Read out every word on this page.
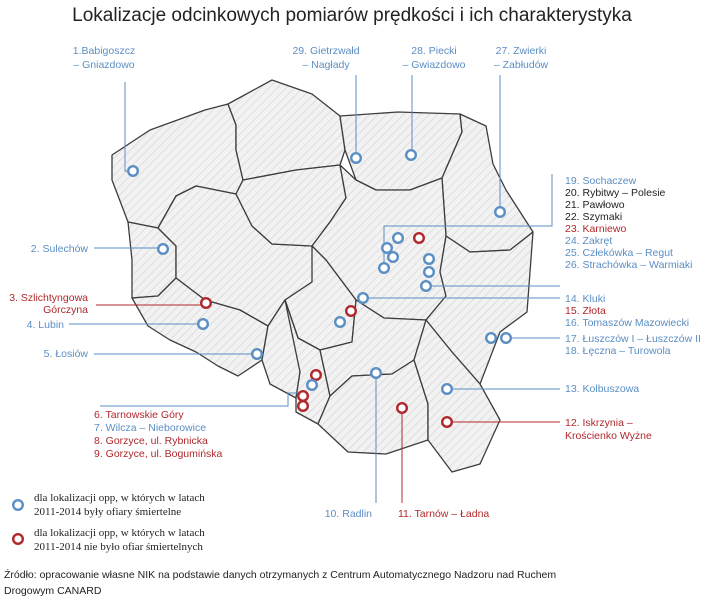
Lokalizacje odcinkowych pomiarów prędkości i ich charakterystyka
1.Babigoszcz
– Gniazdowo
29. Gietrzwałd
– Nagłady
28. Piecki
– Gwiazdowo
27. Zwierki
– Zabłudów
2. Sulechów
3. Szlichtyngowa
Górczyna
4. Lubin
5. Łosiów
6. Tarnowskie Góry
7. Wilcza – Nieborowice
8. Gorzyce, ul. Rybnicka
9. Gorzyce, ul. Bogumińska
10. Radlin 11. Tarnów – Ładna
12. Iskrzynia –
Krościenko Wyżne
13. Kolbuszowa
14. Kluki
15. Złota
16. Tomaszów Mazowiecki
17. Łuszczów I – Łuszczów II
18. Łęczna – Turowola
19. Sochaczew
20. Rybitwy – Polesie
21. Pawłowo
22. Szymaki
23. Karniewo
24. Zakręt
25. Człekówka – Regut
26. Strachówka – Warmiaki
dla lokalizacji opp, w których w latach
2011-2014 były ofiary śmiertelne
dla lokalizacji opp, w których w latach
2011-2014 nie było ofiar śmiertelnych
Źródło: opracowanie własne NIK na podstawie danych otrzymanych z Centrum Automatycznego Nadzoru nad Ruchem
Drogowym CANARD
